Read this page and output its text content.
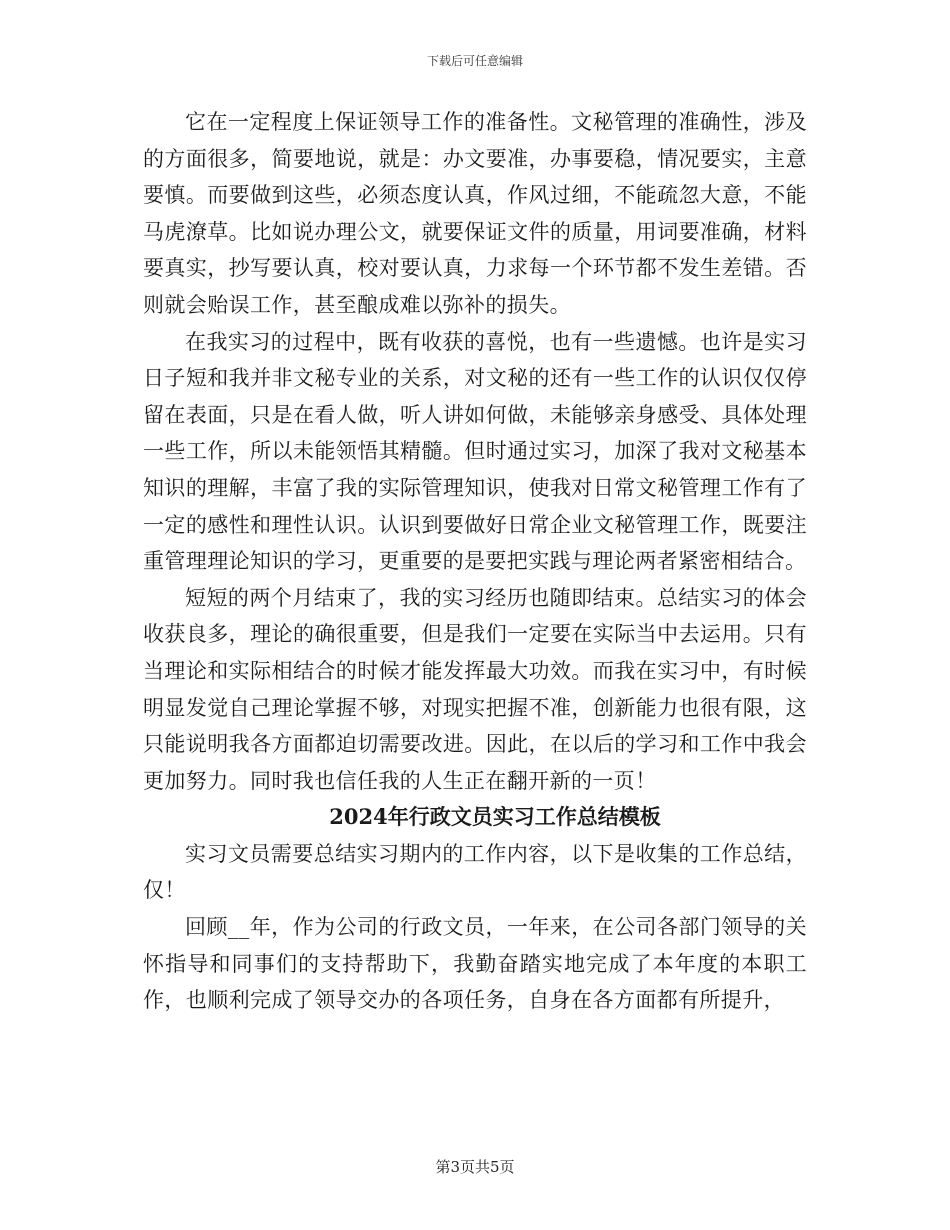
下载后可任意编辑

它在一定程度上保证领导工作的准备性。文秘管理的准确性，涉及的方面很多，简要地说，就是：办文要准，办事要稳，情况要实，主意要慎。而要做到这些，必须态度认真，作风过细，不能疏忽大意，不能马虎潦草。比如说办理公文，就要保证文件的质量，用词要准确，材料要真实，抄写要认真，校对要认真，力求每一个环节都不发生差错。否则就会贻误工作，甚至酿成难以弥补的损失。

在我实习的过程中，既有收获的喜悦，也有一些遗憾。也许是实习日子短和我并非文秘专业的关系，对文秘的还有一些工作的认识仅仅停留在表面，只是在看人做，听人讲如何做，未能够亲身感受、具体处理一些工作，所以未能领悟其精髓。但时通过实习，加深了我对文秘基本知识的理解，丰富了我的实际管理知识，使我对日常文秘管理工作有了一定的感性和理性认识。认识到要做好日常企业文秘管理工作，既要注重管理理论知识的学习，更重要的是要把实践与理论两者紧密相结合。

短短的两个月结束了，我的实习经历也随即结束。总结实习的体会收获良多，理论的确很重要，但是我们一定要在实际当中去运用。只有当理论和实际相结合的时候才能发挥最大功效。而我在实习中，有时候明显发觉自己理论掌握不够，对现实把握不准，创新能力也很有限，这只能说明我各方面都迫切需要改进。因此，在以后的学习和工作中我会更加努力。同时我也信任我的人生正在翻开新的一页！

2024年行政文员实习工作总结模板

实习文员需要总结实习期内的工作内容，以下是收集的工作总结，仅！

回顾__年，作为公司的行政文员，一年来，在公司各部门领导的关怀指导和同事们的支持帮助下，我勤奋踏实地完成了本年度的本职工作，也顺利完成了领导交办的各项任务，自身在各方面都有所提升，

第3页共5页
